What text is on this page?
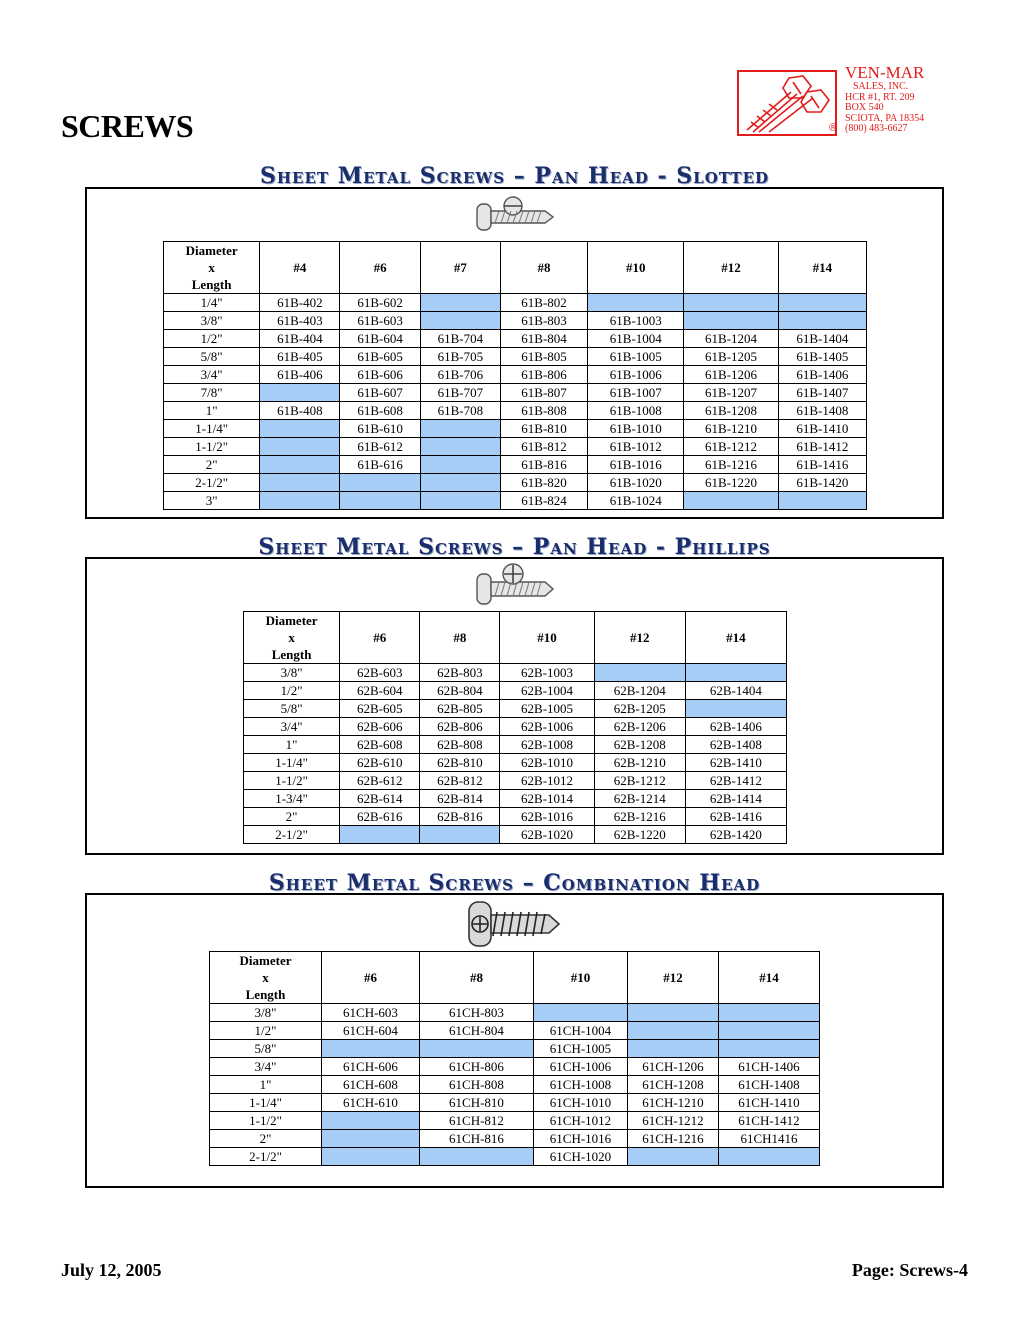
SCREWS	®
VEN-MAR
SALES, INC.
HCR #1, RT. 209
BOX 540
SCIOTA, PA 18354
(800) 483-6627
Sheet Metal Screws – Pan Head - Slotted
Diameter
x
Length	#4	#6	#7	#8	#10	#12	#14
1/4"	61B-402	61B-602		61B-802			
3/8"	61B-403	61B-603		61B-803	61B-1003		
1/2"	61B-404	61B-604	61B-704	61B-804	61B-1004	61B-1204	61B-1404
5/8"	61B-405	61B-605	61B-705	61B-805	61B-1005	61B-1205	61B-1405
3/4"	61B-406	61B-606	61B-706	61B-806	61B-1006	61B-1206	61B-1406
7/8"		61B-607	61B-707	61B-807	61B-1007	61B-1207	61B-1407
1"	61B-408	61B-608	61B-708	61B-808	61B-1008	61B-1208	61B-1408
1-1/4"		61B-610		61B-810	61B-1010	61B-1210	61B-1410
1-1/2"		61B-612		61B-812	61B-1012	61B-1212	61B-1412
2"		61B-616		61B-816	61B-1016	61B-1216	61B-1416
2-1/2"				61B-820	61B-1020	61B-1220	61B-1420
3"				61B-824	61B-1024		
Sheet Metal Screws – Pan Head - Phillips
Diameter
x
Length	#6	#8	#10	#12	#14
3/8"	62B-603	62B-803	62B-1003		
1/2"	62B-604	62B-804	62B-1004	62B-1204	62B-1404
5/8"	62B-605	62B-805	62B-1005	62B-1205	
3/4"	62B-606	62B-806	62B-1006	62B-1206	62B-1406
1"	62B-608	62B-808	62B-1008	62B-1208	62B-1408
1-1/4"	62B-610	62B-810	62B-1010	62B-1210	62B-1410
1-1/2"	62B-612	62B-812	62B-1012	62B-1212	62B-1412
1-3/4"	62B-614	62B-814	62B-1014	62B-1214	62B-1414
2"	62B-616	62B-816	62B-1016	62B-1216	62B-1416
2-1/2"			62B-1020	62B-1220	62B-1420
Sheet Metal Screws – Combination Head
Diameter
x
Length	#6	#8	#10	#12	#14
3/8"	61CH-603	61CH-803			
1/2"	61CH-604	61CH-804	61CH-1004		
5/8"			61CH-1005		
3/4"	61CH-606	61CH-806	61CH-1006	61CH-1206	61CH-1406
1"	61CH-608	61CH-808	61CH-1008	61CH-1208	61CH-1408
1-1/4"	61CH-610	61CH-810	61CH-1010	61CH-1210	61CH-1410
1-1/2"		61CH-812	61CH-1012	61CH-1212	61CH-1412
2"		61CH-816	61CH-1016	61CH-1216	61CH1416
2-1/2"			61CH-1020		
July 12, 2005	Page: Screws-4
